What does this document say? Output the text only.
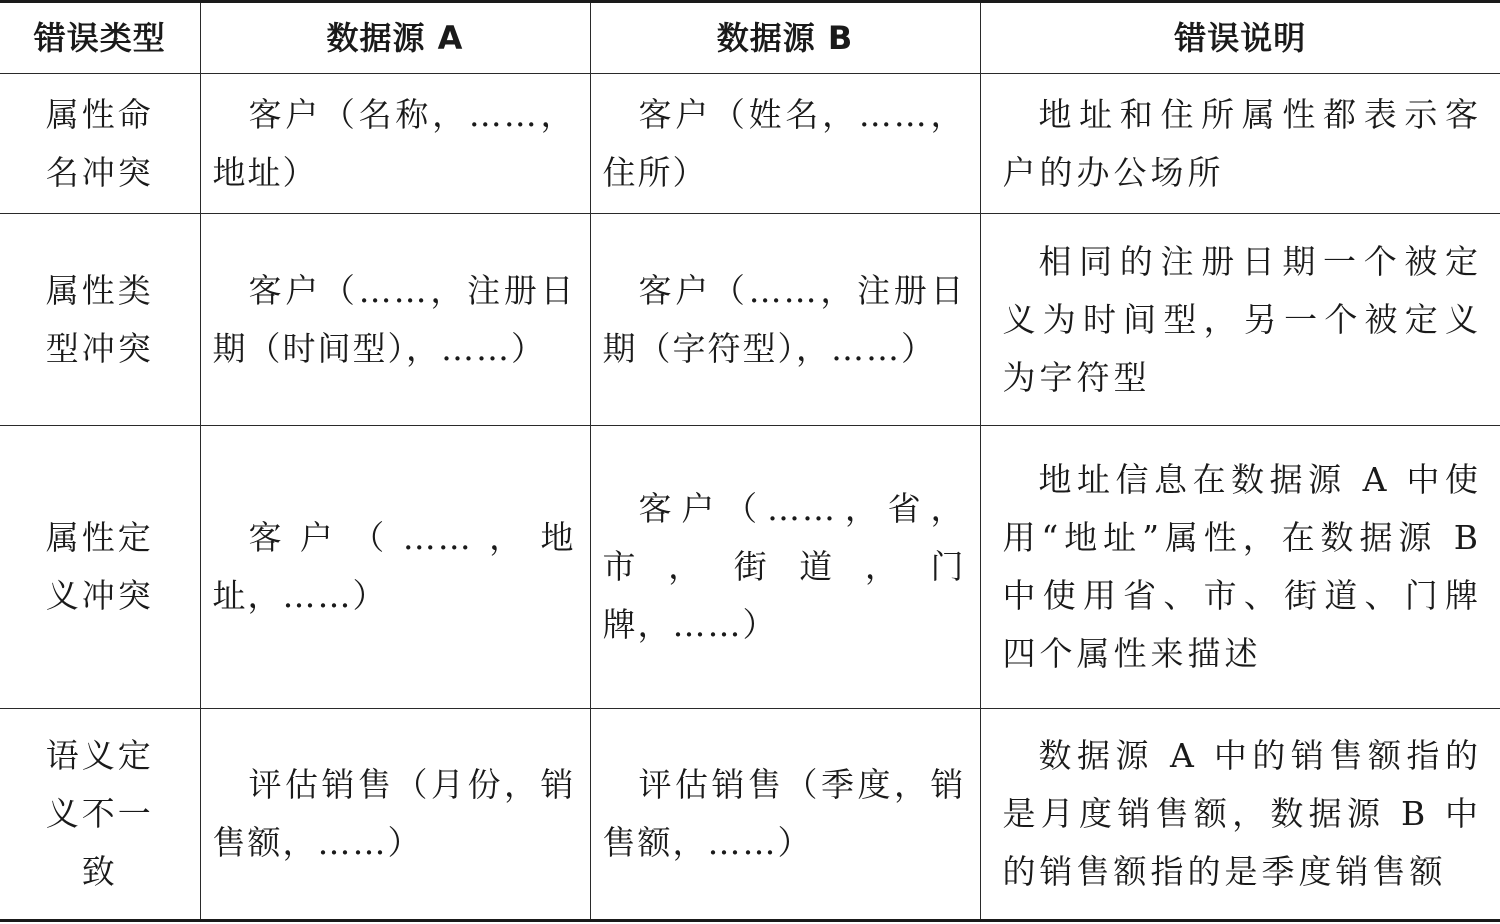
错误类型	数据源 A	数据源 B	错误说明
属性命名冲突	客户（名称，……，地址）	客户（姓名，……，住所）	地址和住所属性都表示客户的办公场所
属性类型冲突	客户（……，注册日期（时间型），……）	客户（……，注册日期（字符型），……）	相同的注册日期一个被定义为时间型，另一个被定义为字符型
属性定义冲突	客户（……，地址，……）	客户（……，省，市，街道，门牌，……）	地址信息在数据源 A 中使用“地址”属性，在数据源 B 中使用省、市、街道、门牌四个属性来描述
语义定义不一致	评估销售（月份，销售额，……）	评估销售（季度，销售额，……）	数据源 A 中的销售额指的是月度销售额，数据源 B 中的销售额指的是季度销售额
